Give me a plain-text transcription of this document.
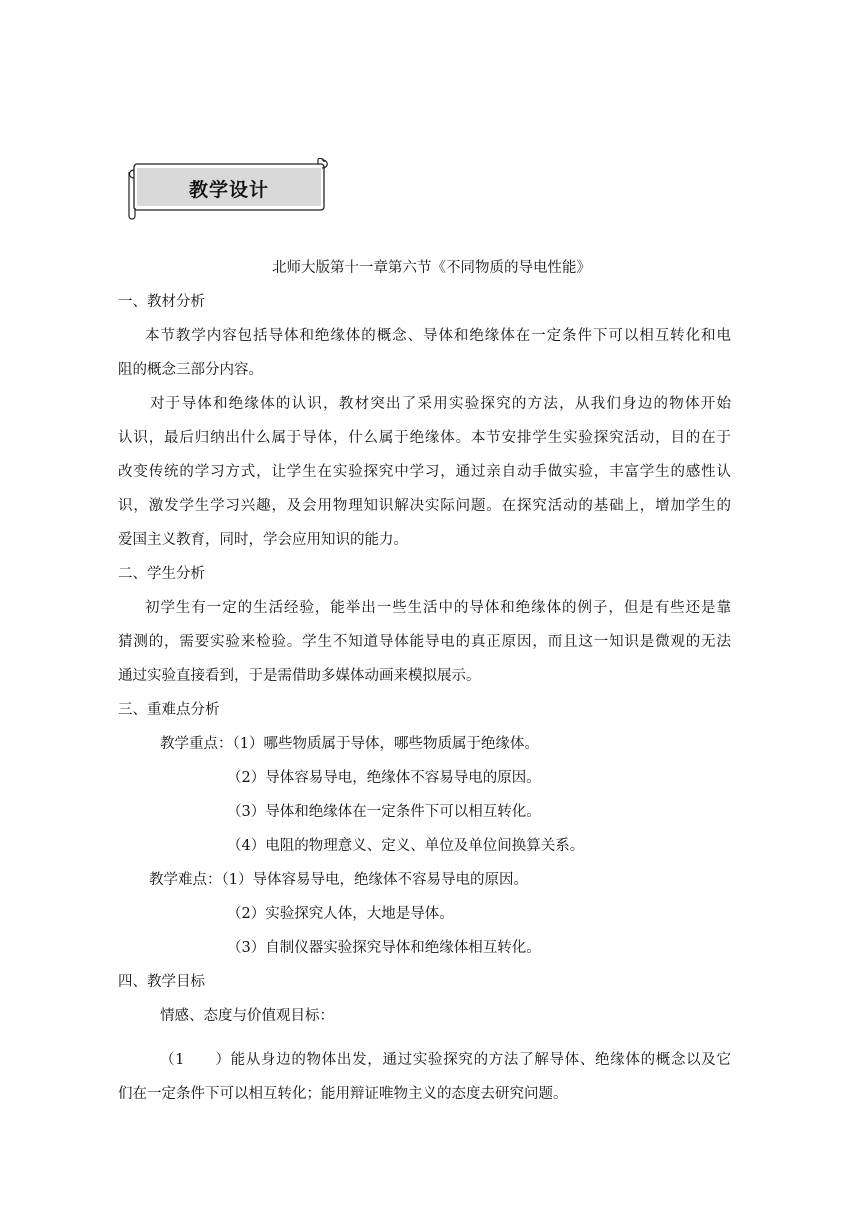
教学设计
北师大版第十一章第六节《不同物质的导电性能》
一、教材分析
本节教学内容包括导体和绝缘体的概念、导体和绝缘体在一定条件下可以相互转化和电
阻的概念三部分内容。
对于导体和绝缘体的认识，教材突出了采用实验探究的方法，从我们身边的物体开始
认识，最后归纳出什么属于导体，什么属于绝缘体。本节安排学生实验探究活动，目的在于
改变传统的学习方式，让学生在实验探究中学习，通过亲自动手做实验，丰富学生的感性认
识，激发学生学习兴趣，及会用物理知识解决实际问题。在探究活动的基础上，增加学生的
爱国主义教育，同时，学会应用知识的能力。
二、学生分析
初学生有一定的生活经验，能举出一些生活中的导体和绝缘体的例子，但是有些还是靠
猜测的，需要实验来检验。学生不知道导体能导电的真正原因，而且这一知识是微观的无法
通过实验直接看到，于是需借助多媒体动画来模拟展示。
三、重难点分析
教学重点：（1）哪些物质属于导体，哪些物质属于绝缘体。
（2）导体容易导电，绝缘体不容易导电的原因。
（3）导体和绝缘体在一定条件下可以相互转化。
（4）电阻的物理意义、定义、单位及单位间换算关系。
教学难点：（1）导体容易导电，绝缘体不容易导电的原因。
（2）实验探究人体，大地是导体。
（3）自制仪器实验探究导体和绝缘体相互转化。
四、教学目标
情感、态度与价值观目标：
（1　　）能从身边的物体出发，通过实验探究的方法了解导体、绝缘体的概念以及它
们在一定条件下可以相互转化；能用辩证唯物主义的态度去研究问题。
